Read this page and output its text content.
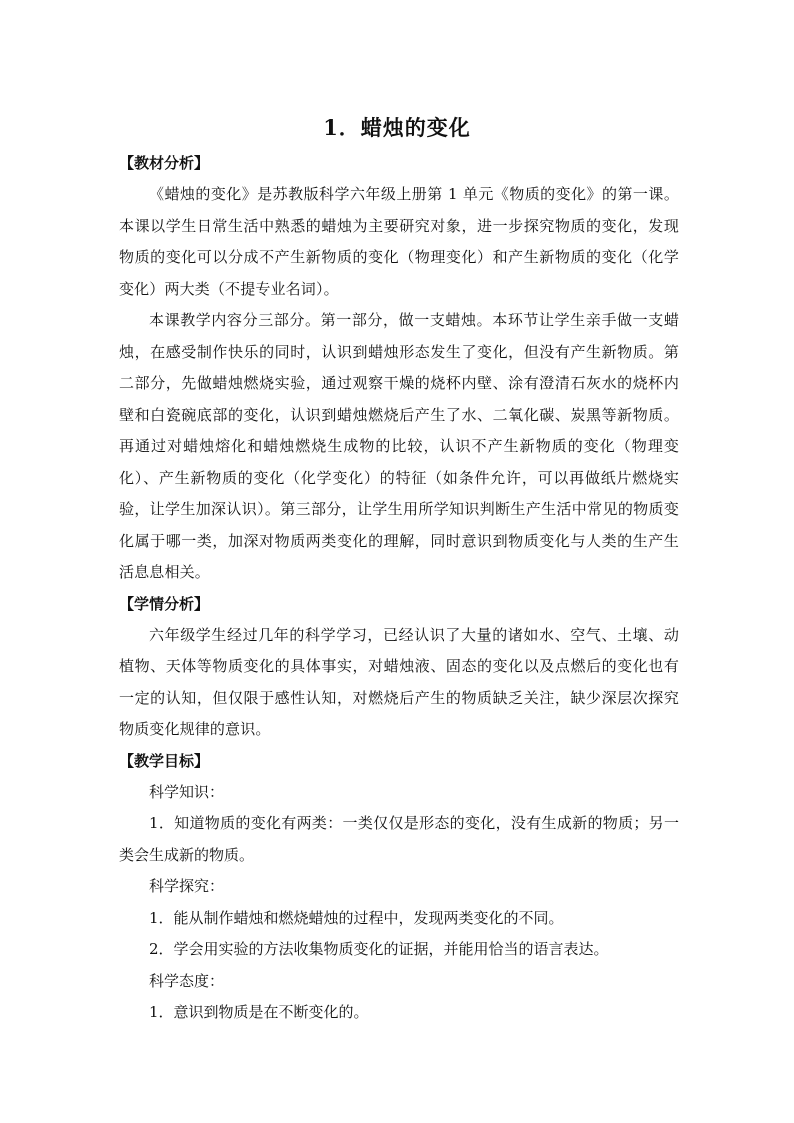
1．蜡烛的变化
【教材分析】
《蜡烛的变化》是苏教版科学六年级上册第 1 单元《物质的变化》的第一课。本课以学生日常生活中熟悉的蜡烛为主要研究对象，进一步探究物质的变化，发现物质的变化可以分成不产生新物质的变化（物理变化）和产生新物质的变化（化学变化）两大类（不提专业名词）。
本课教学内容分三部分。第一部分，做一支蜡烛。本环节让学生亲手做一支蜡烛，在感受制作快乐的同时，认识到蜡烛形态发生了变化，但没有产生新物质。第二部分，先做蜡烛燃烧实验，通过观察干燥的烧杯内壁、涂有澄清石灰水的烧杯内壁和白瓷碗底部的变化，认识到蜡烛燃烧后产生了水、二氧化碳、炭黑等新物质。再通过对蜡烛熔化和蜡烛燃烧生成物的比较，认识不产生新物质的变化（物理变化）、产生新物质的变化（化学变化）的特征（如条件允许，可以再做纸片燃烧实验，让学生加深认识）。第三部分，让学生用所学知识判断生产生活中常见的物质变化属于哪一类，加深对物质两类变化的理解，同时意识到物质变化与人类的生产生活息息相关。
【学情分析】
六年级学生经过几年的科学学习，已经认识了大量的诸如水、空气、土壤、动植物、天体等物质变化的具体事实，对蜡烛液、固态的变化以及点燃后的变化也有一定的认知，但仅限于感性认知，对燃烧后产生的物质缺乏关注，缺少深层次探究物质变化规律的意识。
【教学目标】
科学知识：
1．知道物质的变化有两类：一类仅仅是形态的变化，没有生成新的物质；另一类会生成新的物质。
科学探究：
1．能从制作蜡烛和燃烧蜡烛的过程中，发现两类变化的不同。
2．学会用实验的方法收集物质变化的证据，并能用恰当的语言表达。
科学态度：
1．意识到物质是在不断变化的。
